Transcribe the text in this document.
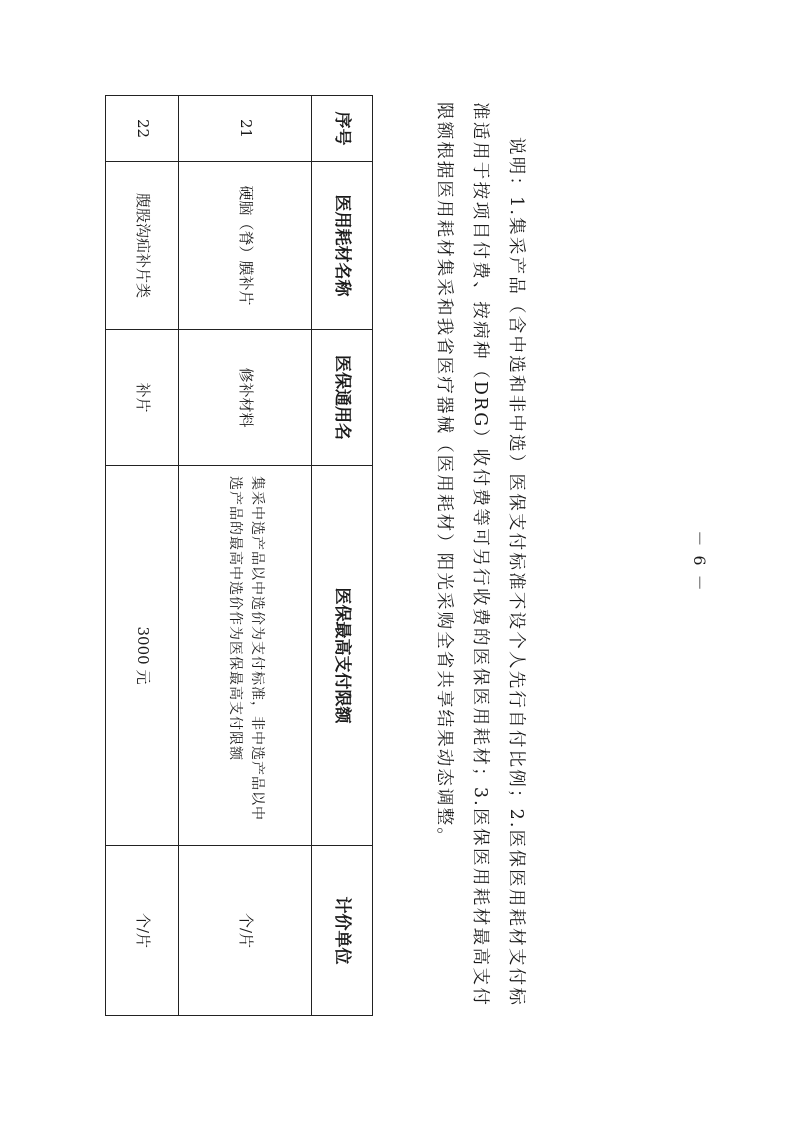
－ 6 －

说明：1.集采产品（含中选和非中选）医保支付标准不设个人先行自付比例；2.医保医用耗材支付标准适用于按项目付费、按病种（DRG）收付费等可另行收费的医保医用耗材；3.医保医用耗材最高支付限额根据医用耗材集采和我省医疗器械（医用耗材）阳光采购全省共享结果动态调整。

序号	医用耗材名称	医保通用名	医保最高支付限额	计价单位
21	硬脑（脊）膜补片	修补材料	集采中选产品以中选价为支付标准，非中选产品以中选产品的最高中选价作为医保最高支付限额	个/片
22	腹股沟疝补片类	补片	3000 元	个/片
